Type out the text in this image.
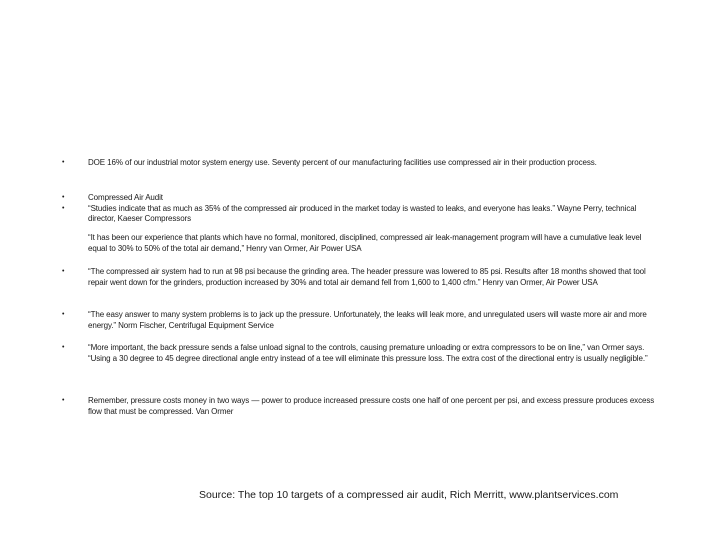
•	DOE 16% of our industrial motor system energy use. Seventy percent of our manufacturing facilities use compressed air in their production process.

•
•

Compressed Air Audit

“Studies indicate that as much as 35% of the compressed air produced in the market today is wasted to leaks, and everyone has leaks.” Wayne Perry, technical director, Kaeser Compressors

“It has been our experience that plants which have no formal, monitored, disciplined, compressed air leak-management program will have a cumulative leak level equal to 30% to 50% of the total air demand,” Henry van Ormer, Air Power USA

•	“The compressed air system had to run at 98 psi because the grinding area. The header pressure was lowered to 85 psi. Results after 18 months showed that tool repair went down for the grinders, production increased by 30% and total air demand fell from 1,600 to 1,400 cfm.” Henry van Ormer, Air Power USA

•	“The easy answer to many system problems is to jack up the pressure. Unfortunately, the leaks will leak more, and unregulated users will waste more air and more energy.” Norm Fischer, Centrifugal Equipment Service

•	“More important, the back pressure sends a false unload signal to the controls, causing premature unloading or extra compressors to be on line,” van Ormer says. “Using a 30 degree to 45 degree directional angle entry instead of a tee will eliminate this pressure loss. The extra cost of the directional entry is usually negligible.”

•	Remember, pressure costs money in two ways — power to produce increased pressure costs one half of one percent per psi, and excess pressure produces excess flow that must be compressed. Van Ormer

Source: The top 10 targets of a compressed air audit, Rich Merritt, www.plantservices.com
